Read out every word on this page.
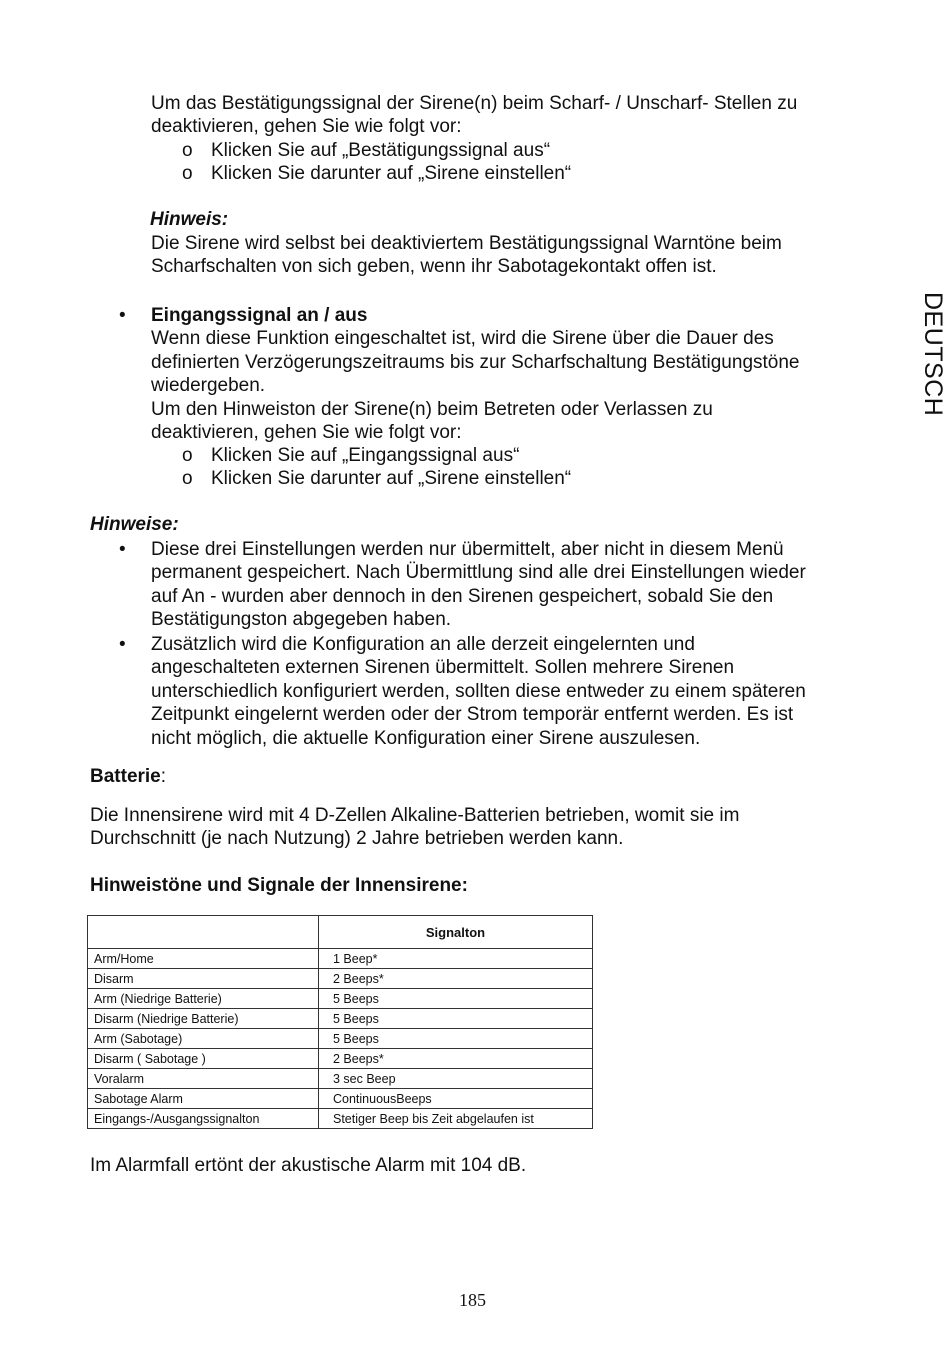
DEUTSCH
Um das Bestätigungssignal der Sirene(n) beim Scharf- / Unscharf- Stellen zu
deaktivieren, gehen Sie wie folgt vor:
o Klicken Sie auf „Bestätigungssignal aus“
o Klicken Sie darunter auf „Sirene einstellen“
Hinweis:
Die Sirene wird selbst bei deaktiviertem Bestätigungssignal Warntöne beim
Scharfschalten von sich geben, wenn ihr Sabotagekontakt offen ist.
• Eingangssignal an / aus
Wenn diese Funktion eingeschaltet ist, wird die Sirene über die Dauer des
definierten Verzögerungszeitraums bis zur Scharfschaltung Bestätigungstöne
wiedergeben.
Um den Hinweiston der Sirene(n) beim Betreten oder Verlassen zu
deaktivieren, gehen Sie wie folgt vor:
o Klicken Sie auf „Eingangssignal aus“
o Klicken Sie darunter auf „Sirene einstellen“
Hinweise:
• Diese drei Einstellungen werden nur übermittelt, aber nicht in diesem Menü
permanent gespeichert. Nach Übermittlung sind alle drei Einstellungen wieder
auf An - wurden aber dennoch in den Sirenen gespeichert, sobald Sie den
Bestätigungston abgegeben haben.
• Zusätzlich wird die Konfiguration an alle derzeit eingelernten und
angeschalteten externen Sirenen übermittelt. Sollen mehrere Sirenen
unterschiedlich konfiguriert werden, sollten diese entweder zu einem späteren
Zeitpunkt eingelernt werden oder der Strom temporär entfernt werden. Es ist
nicht möglich, die aktuelle Konfiguration einer Sirene auszulesen.
Batterie:
Die Innensirene wird mit 4 D-Zellen Alkaline-Batterien betrieben, womit sie im
Durchschnitt (je nach Nutzung) 2 Jahre betrieben werden kann.
Hinweistöne und Signale der Innensirene:
	Signalton
Arm/Home	1 Beep*
Disarm	2 Beeps*
Arm (Niedrige Batterie)	5 Beeps
Disarm (Niedrige Batterie)	5 Beeps
Arm (Sabotage)	5 Beeps
Disarm ( Sabotage )	2 Beeps*
Voralarm	3 sec Beep
Sabotage Alarm	ContinuousBeeps
Eingangs-/Ausgangssignalton	Stetiger Beep bis Zeit abgelaufen ist
Im Alarmfall ertönt der akustische Alarm mit 104 dB.
185
